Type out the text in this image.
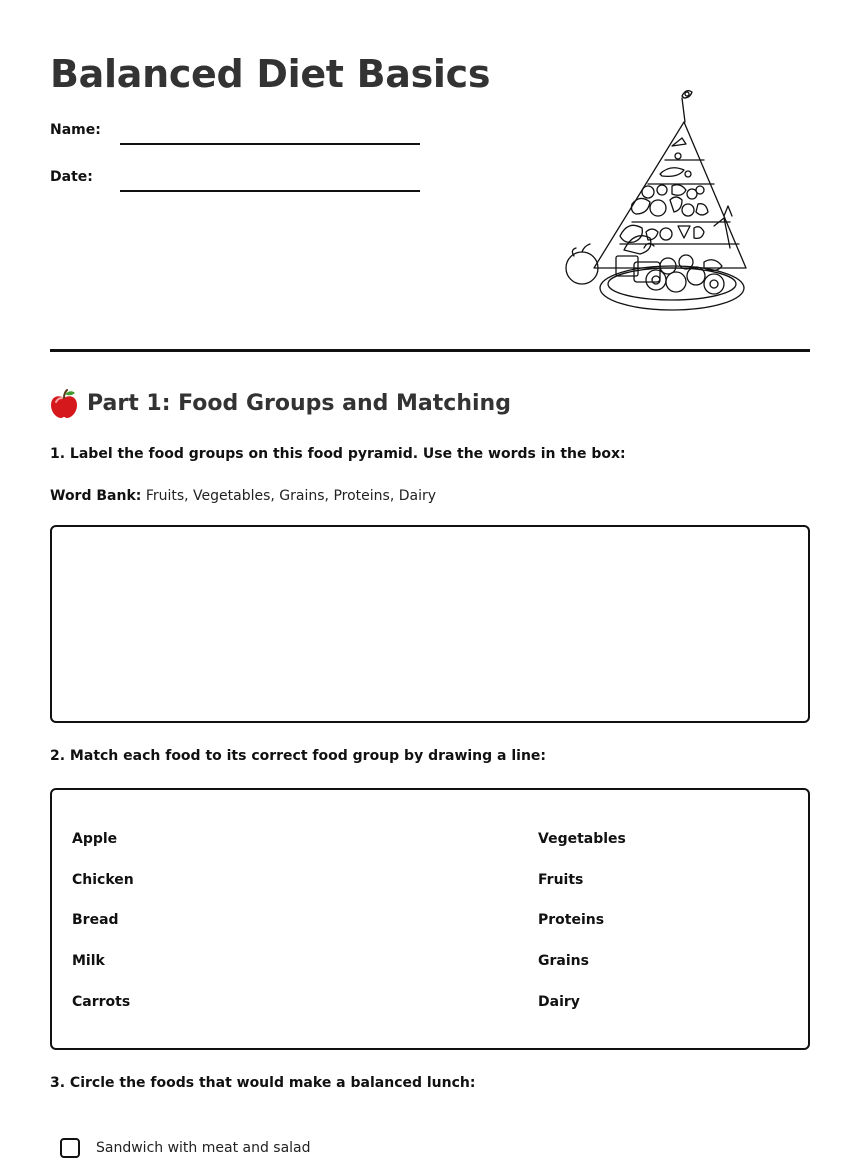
Balanced Diet Basics
Name:
Date:
Part 1: Food Groups and Matching
1. Label the food groups on this food pyramid. Use the words in the box:
Word Bank: Fruits, Vegetables, Grains, Proteins, Dairy
2. Match each food to its correct food group by drawing a line:
Apple
Chicken
Bread
Milk
Carrots
Vegetables
Fruits
Proteins
Grains
Dairy
3. Circle the foods that would make a balanced lunch:
Sandwich with meat and salad
